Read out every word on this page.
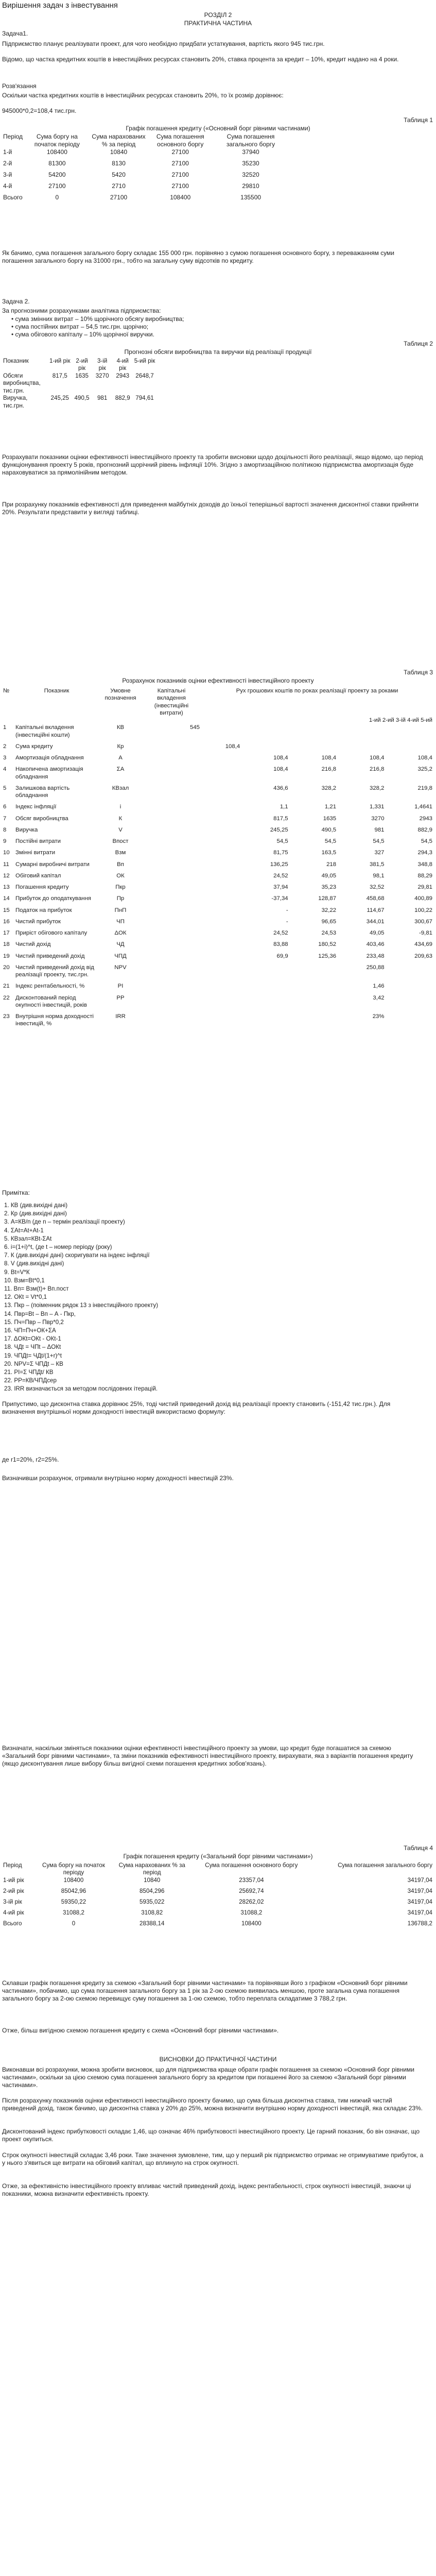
Вирішення задач з інвестування
РОЗДІЛ 2
ПРАКТИЧНА ЧАСТИНА
Задача1.
Підприємство планує реалізувати проект, для чого необхідно придбати устаткування, вартість якого 945 тис.грн.
Відомо, що частка кредитних коштів в інвестиційних ресурсах становить 20%, ставка процента за кредит – 10%, кредит надано на 4 роки.
Розв'язання
Оскільки частка кредитних коштів в інвестиційних ресурсах становить 20%, то їх розмір дорівнює:
945000*0,2=108,4 тис.грн.
Таблиця 1
Графік погашення кредиту («Основний борг рівними частинами)
Період	Сума боргу на початок періоду	Сума нарахованих % за період	Сума погашення основного боргу	Сума погашення загального боргу
1-й	108400	10840	27100	37940
2-й	81300	8130	27100	35230
3-й	54200	5420	27100	32520
4-й	27100	2710	27100	29810
Всього	0	27100	108400	135500
Як бачимо, сума погашення загального боргу складає 155 000 грн. порівняно з сумою погашення основного боргу, з переважанням суми погашення загального боргу на 31000 грн., тобто на загальну суму відсотків по кредиту.
Задача 2.
За прогнозними розрахунками аналітика підприємства:
• сума змінних витрат – 10% щорічного обсягу виробництва;
• сума постійних витрат – 54,5 тис.грн. щорічно;
• сума обігового капіталу – 10% щорічної виручки.
Таблиця 2
Прогнозні обсяги виробництва та виручки від реалізації продукції
Показник	1-ий рік	2-ий рік	3-ій рік	4-ий рік	5-ий рік
Обсяги виробництва, тис.грн.	817,5	1635	3270	2943	2648,7
Виручка, тис.грн.	245,25	490,5	981	882,9	794,61
Розрахувати показники оцінки ефективності інвестиційного проекту та зробити висновки щодо доцільності його реалізації, якщо відомо, що період функціонування проекту 5 років, прогнозний щорічний рівень інфляції 10%. Згідно з амортизаційною політикою підприємства амортизація буде нараховуватися за прямолінійним методом.
При розрахунку показників ефективності для приведення майбутніх доходів до їхньої теперішньої вартості значення дисконтної ставки прийняти 20%. Результати представити у вигляді таблиці.
Таблиця 3
Розрахунок показників оцінки ефективності інвестиційного проекту
№	Показник	Умовне позначення	Капітальні вкладення (інвестиційні витрати)	Рух грошових коштів по роках реалізації проекту за роками				
				1-ий 2-ий 3-ій 4-ий 5-ий				
1	Капітальні вкладення (інвестиційні кошти)	КВ	545					
2	Сума кредиту	Кр		108,4				
3	Амортизація обладнання	А			108,4	108,4	108,4	108,4
4	Накопичена амортизація обладнання	ΣА			108,4	216,8	216,8	325,2
5	Залишкова вартість обладнання	КВзал			436,6	328,2	328,2	219,8
6	Індекс інфляції	i			1,1	1,21	1,331	1,4641
7	Обсяг виробництва	К			817,5	1635	3270	2943
8	Виручка	V			245,25	490,5	981	882,9
9	Постійні витрати	Впост			54,5	54,5	54,5	54,5
10	Змінні витрати	Взм			81,75	163,5	327	294,3
11	Сумарні виробничі витрати	Вп			136,25	218	381,5	348,8
12	Обіговий капітал	ОК			24,52	49,05	98,1	88,29
13	Погашення кредиту	Пкр			37,94	35,23	32,52	29,81
14	Прибуток до оподаткування	Пр			-37,34	128,87	458,68	400,89
15	Податок на прибуток	ПнП			-	32,22	114,67	100,22
16	Чистий прибуток	ЧП			-	96,65	344,01	300,67
17	Приріст обігового капіталу	ΔОК			24,52	24,53	49,05	-9,81
18	Чистий дохід	ЧД			83,88	180,52	403,46	434,69
19	Чистий приведений дохід	ЧПД			69,9	125,36	233,48	209,63
20	Чистий приведений дохід від реалізації проекту, тис.грн.	NPV					250,88	
21	Індекс рентабельності, %	PI					1,46	
22	Дисконтований період окупності інвестицій, років	PP					3,42	
23	Внутрішня норма доходності інвестицій, %	IRR					23%	
Примітка:
1. КВ (див.вихідні дані)
2. Кр (див.вихідні дані)
3. А=КВ/n (де n – термін реалізації проекту)
4. ΣАt=Аt+Аt-1
5. КВзал=КВt-ΣАt
6. i=(1+i)^t, (де t – номер періоду (року)
7. К (див.вихідні дані) скоригувати на індекс інфляції
8. V (див.вихідні дані)
9. Вt=V*К
10. Взм=Вt*0,1
11. Вп= Взм(t)+ Вп.пост
12. ОКt = Vt*0,1
13. Пкр – (поіменник рядок 13 з інвестиційного проекту)
14. Пвр=Вt – Вп – А - Пкр,
15. Пч=Пвр – Пвр*0,2
16. ЧП=Пч+ОК+ΣА
17. ΔОКt=ОКt - ОКt-1
18. ЧДt = ЧПt – ΔОКt
19. ЧПДt= ЧДt/(1+r)^t
20. NPV=Σ ЧПДt – КВ
21. PI=Σ ЧПДt/ КВ
22. PP=КВ/ЧПДсер
23. IRR визначається за методом послідовних ітерацій.
Припустимо, що дисконтна ставка дорівнює 25%, тоді чистий приведений дохід від реалізації проекту становить (-151,42 тис.грн.). Для визначення внутрішньої норми доходності інвестицій використаємо формулу:
де r1=20%, r2=25%.
Визначивши розрахунок, отримали внутрішню норму доходності інвестицій 23%.
Визначати, наскільки зміняться показники оцінки ефективності інвестиційного проекту за умови, що кредит буде погашатися за схемою «Загальний борг рівними частинами», та зміни показників ефективності інвестиційного проекту, вирахувати, яка з варіантів погашення кредиту (якщо дисконтування лише вибору більш вигідної схеми погашення кредитних зобов'язань).
Таблиця 4
Графік погашення кредиту («Загальний борг рівними частинами»)
Період	Сума боргу на початок періоду	Сума нарахованих % за період	Сума погашення основного боргу	Сума погашення загального боргу
1-ий рік	108400	10840	23357,04	34197,04
2-ий рік	85042,96	8504,296	25692,74	34197,04
3-ій рік	59350,22	5935,022	28262,02	34197,04
4-ий рік	31088,2	3108,82	31088,2	34197,04
Всього	0	28388,14	108400	136788,2
Склавши графік погашення кредиту за схемою «Загальний борг рівними частинами» та порівнявши його з графіком «Основний борг рівними частинами», побачимо, що сума погашення загального боргу за 1 рік за 2-ою схемою виявилась меншою, проте загальна сума погашення загального боргу за 2-ою схемою перевищує суму погашення за 1-ою схемою, тобто переплата складатиме 3 788,2 грн.
Отже, більш вигідною схемою погашення кредиту є схема «Основний борг рівними частинами».
ВИСНОВКИ ДО ПРАКТИЧНОЇ ЧАСТИНИ
Виконавши всі розрахунки, можна зробити висновок, що для підприємства краще обрати графік погашення за схемою «Основний борг рівними частинами», оскільки за цією схемою сума погашення загального боргу за кредитом при погашенні його за схемою «Загальний борг рівними частинами».
Після розрахунку показників оцінки ефективності інвестиційного проекту бачимо, що сума більша дисконтна ставка, тим нижчий чистий приведений дохід, також бачимо, що дисконтна ставка у 20% до 25%, можна визначити внутрішню норму доходності інвестицій, яка складає 23%.
Дисконтований індекс прибутковості складає 1,46, що означає 46% прибутковості інвестиційного проекту. Це гарний показник, бо він означає, що проект окупиться.
Строк окупності інвестицій складає 3,46 роки. Таке значення зумовлене, тим, що у перший рік підприємство отримає не отримуватиме прибуток, а у нього з'явиться ще витрати на обіговий капітал, що вплинуло на строк окупності.
Отже, за ефективністю інвестиційного проекту впливає чистий приведений дохід, індекс рентабельності, строк окупності інвестицій, знаючи ці показники, можна визначити ефективність проекту.
